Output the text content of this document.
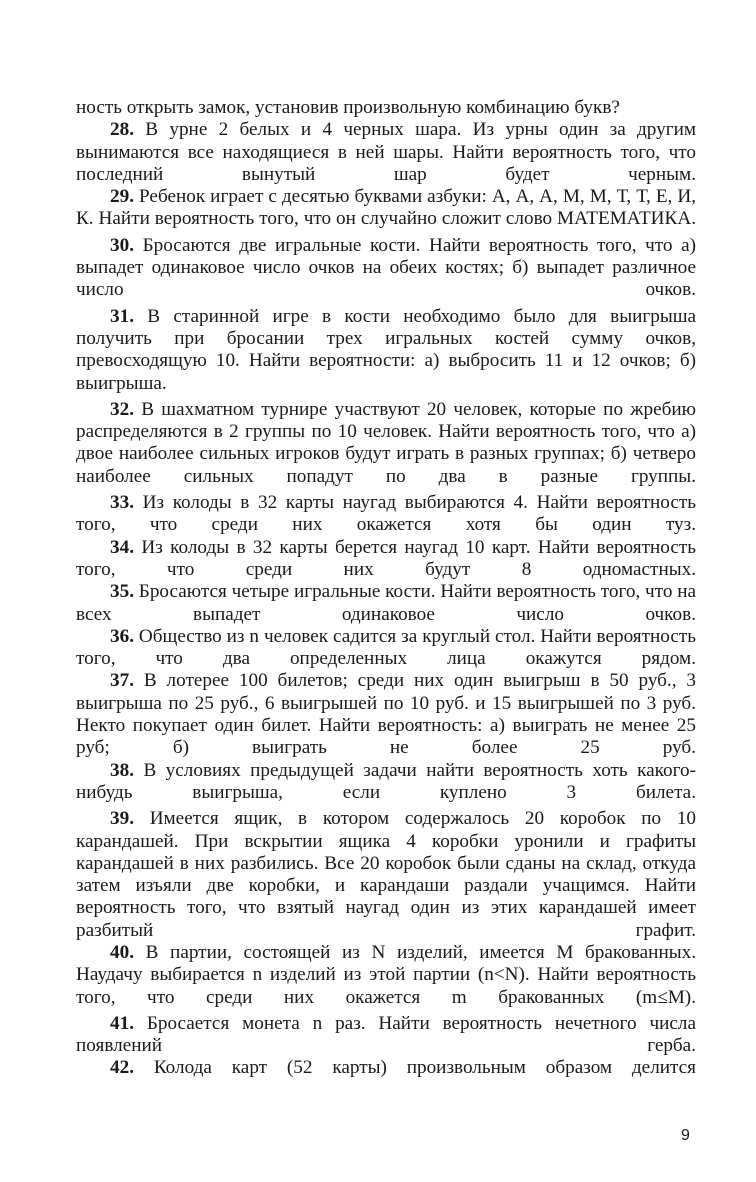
ность открыть замок, установив произвольную комбинацию букв?

28. В урне 2 белых и 4 черных шара. Из урны один за другим вынимаются все находящиеся в ней шары. Найти вероятность того, что последний вынутый шар будет черным.

29. Ребенок играет с десятью буквами азбуки: А, А, А, М, М, Т, Т, Е, И, К. Найти вероятность того, что он случайно сложит слово МАТЕМАТИКА.

30. Бросаются две игральные кости. Найти вероятность того, что а) выпадет одинаковое число очков на обеих костях; б) выпадет различное число очков.

31. В старинной игре в кости необходимо было для выигрыша получить при бросании трех игральных костей сумму очков, превосходящую 10. Найти вероятности: а) выбросить 11 и 12 очков; б) выигрыша.

32. В шахматном турнире участвуют 20 человек, которые по жребию распределяются в 2 группы по 10 человек. Найти вероятность того, что а) двое наиболее сильных игроков будут играть в разных группах; б) четверо наиболее сильных попадут по два в разные группы.

33. Из колоды в 32 карты наугад выбираются 4. Найти вероятность того, что среди них окажется хотя бы один туз.

34. Из колоды в 32 карты берется наугад 10 карт. Найти вероятность того, что среди них будут 8 одномастных.

35. Бросаются четыре игральные кости. Найти вероятность того, что на всех выпадет одинаковое число очков.

36. Общество из n человек садится за круглый стол. Найти вероятность того, что два определенных лица окажутся рядом.

37. В лотерее 100 билетов; среди них один выигрыш в 50 руб., 3 выигрыша по 25 руб., 6 выигрышей по 10 руб. и 15 выигрышей по 3 руб. Некто покупает один билет. Найти вероятность: а) выиграть не менее 25 руб; б) выиграть не более 25 руб.

38. В условиях предыдущей задачи найти вероятность хоть какого-нибудь выигрыша, если куплено 3 билета.

39. Имеется ящик, в котором содержалось 20 коробок по 10 карандашей. При вскрытии ящика 4 коробки уронили и графиты карандашей в них разбились. Все 20 коробок были сданы на склад, откуда затем изъяли две коробки, и карандаши раздали учащимся. Найти вероятность того, что взятый наугад один из этих карандашей имеет разбитый графит.

40. В партии, состоящей из N изделий, имеется M бракованных. Наудачу выбирается n изделий из этой партии (n<N). Найти вероятность того, что среди них окажется m бракованных (m≤M).

41. Бросается монета n раз. Найти вероятность нечетного числа появлений герба.

42. Колода карт (52 карты) произвольным образом делится

9
